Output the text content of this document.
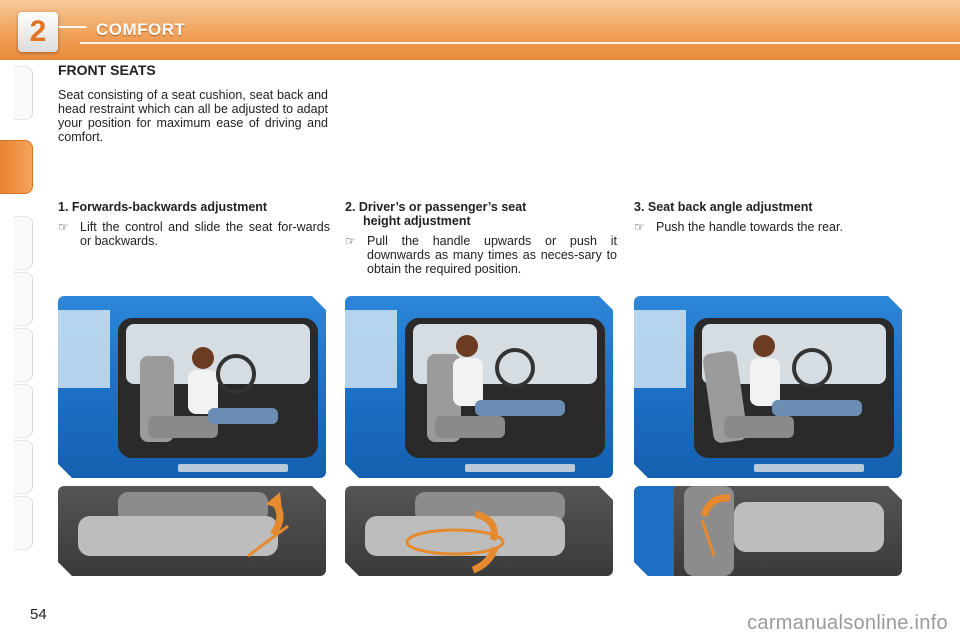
2	COMFORT
FRONT SEATS
Seat consisting of a seat cushion, seat back and head restraint which can all be adjusted to adapt your position for maximum ease of driving and comfort.
1. Forwards-backwards adjustment
☞ Lift the control and slide the seat for-wards or backwards.
2. Driver’s or passenger’s seat
height adjustment
☞ Pull the handle upwards or push it downwards as many times as neces-sary to obtain the required position.
3. Seat back angle adjustment
☞ Push the handle towards the rear.
54	carmanualsonline.info
